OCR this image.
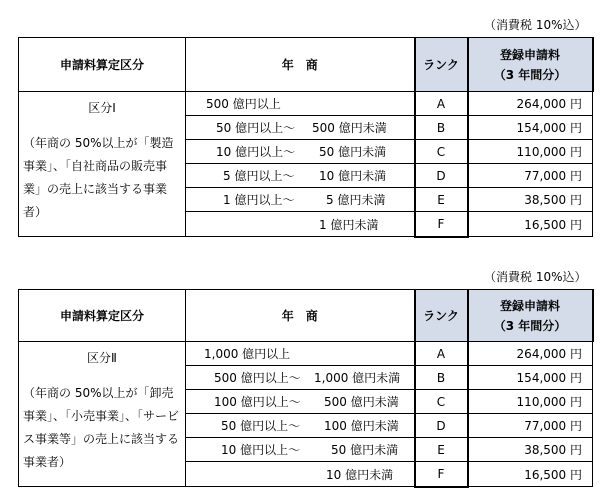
（消費税 10%込）
申請料算定区分	年　商	ランク	登録申請料
（3 年間分）

区分Ⅰ
（年商の 50%以上が「製造事業」、「自社商品の販売事業」の売上に該当する事業者）	500 億円以上	A	264,000 円

50 億円以上～ 500 億円未満	B	154,000 円

10 億円以上～ 50 億円未満	C	110,000 円

5 億円以上～ 10 億円未満	D	77,000 円

1 億円以上～ 5 億円未満	E	38,500 円

1 億円未満	F	16,500 円
（消費税 10%込）
申請料算定区分	年　商	ランク	登録申請料
（3 年間分）

区分Ⅱ
（年商の 50%以上が「卸売事業」、「小売事業」、「サービス事業等」の売上に該当する事業者）	1,000 億円以上	A	264,000 円

500 億円以上～ 1,000 億円未満	B	154,000 円

100 億円以上～ 500 億円未満	C	110,000 円

50 億円以上～ 100 億円未満	D	77,000 円

10 億円以上～ 50 億円未満	E	38,500 円

10 億円未満	F	16,500 円
